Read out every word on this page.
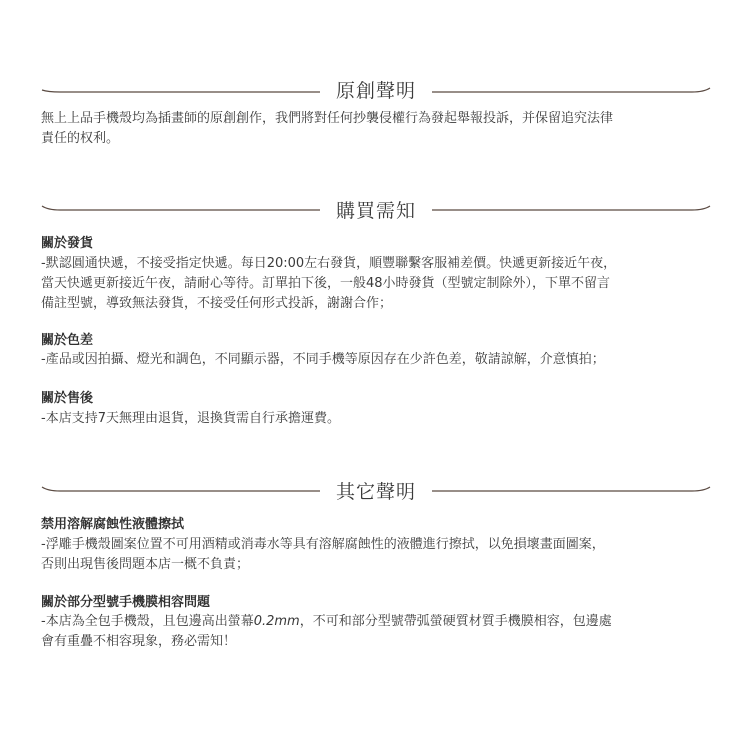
原創聲明
無上上品手機殼均為插畫師的原創創作，我們將對任何抄襲侵權行為發起舉報投訴，并保留追究法律
責任的权利。
購買需知
關於發貨
-默認圓通快遞，不接受指定快遞。每日20:00左右發貨，順豐聯繫客服補差價。快遞更新接近午夜，
當天快遞更新接近午夜，請耐心等待。訂單拍下後，一般48小時發貨（型號定制除外），下單不留言
備註型號，導致無法發貨，不接受任何形式投訴，謝謝合作；
關於色差
-產品或因拍攝、燈光和調色，不同顯示器，不同手機等原因存在少許色差，敬請諒解，介意慎拍；
關於售後
-本店支持7天無理由退貨，退換貨需自行承擔運費。
其它聲明
禁用溶解腐蝕性液體擦拭
-浮雕手機殼圖案位置不可用酒精或消毒水等具有溶解腐蝕性的液體進行擦拭，以免損壞畫面圖案，
否則出現售後問題本店一概不負責；
關於部分型號手機膜相容問題
-本店為全包手機殼，且包邊高出螢幕0.2mm，不可和部分型號帶弧螢硬質材質手機膜相容，包邊處
會有重疊不相容現象，務必需知！
